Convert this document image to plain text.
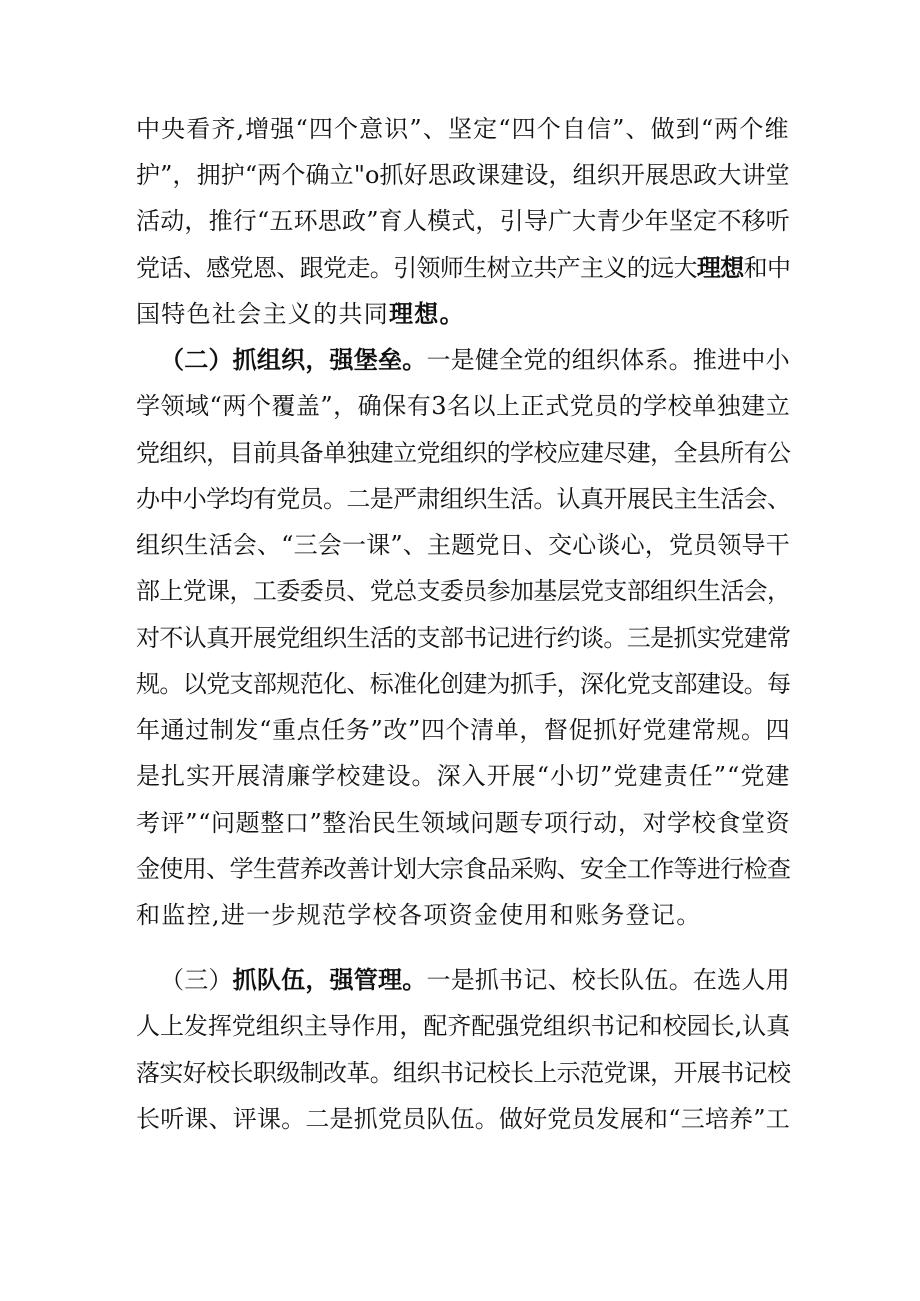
中央看齐,增强“四个意识”、坚定“四个自信”、做到“两个维
护”，拥护“两个确立"o抓好思政课建设，组织开展思政大讲堂
活动，推行“五环思政”育人模式，引导广大青少年坚定不移听
党话、感党恩、跟党走。引领师生树立共产主义的远大理想和中
国特色社会主义的共同理想。
（二）抓组织，强堡垒。一是健全党的组织体系。推进中小
学领域“两个覆盖”，确保有3名以上正式党员的学校单独建立
党组织，目前具备单独建立党组织的学校应建尽建，全县所有公
办中小学均有党员。二是严肃组织生活。认真开展民主生活会、
组织生活会、“三会一课”、主题党日、交心谈心，党员领导干
部上党课，工委委员、党总支委员参加基层党支部组织生活会，
对不认真开展党组织生活的支部书记进行约谈。三是抓实党建常
规。以党支部规范化、标准化创建为抓手，深化党支部建设。每
年通过制发“重点任务”改”四个清单，督促抓好党建常规。四
是扎实开展清廉学校建设。深入开展“小切”党建责任”“党建
考评”“问题整口”整治民生领域问题专项行动，对学校食堂资
金使用、学生营养改善计划大宗食品采购、安全工作等进行检查
和监控,进一步规范学校各项资金使用和账务登记。
（三）抓队伍，强管理。一是抓书记、校长队伍。在选人用
人上发挥党组织主导作用，配齐配强党组织书记和校园长,认真
落实好校长职级制改革。组织书记校长上示范党课，开展书记校
长听课、评课。二是抓党员队伍。做好党员发展和“三培养”工
